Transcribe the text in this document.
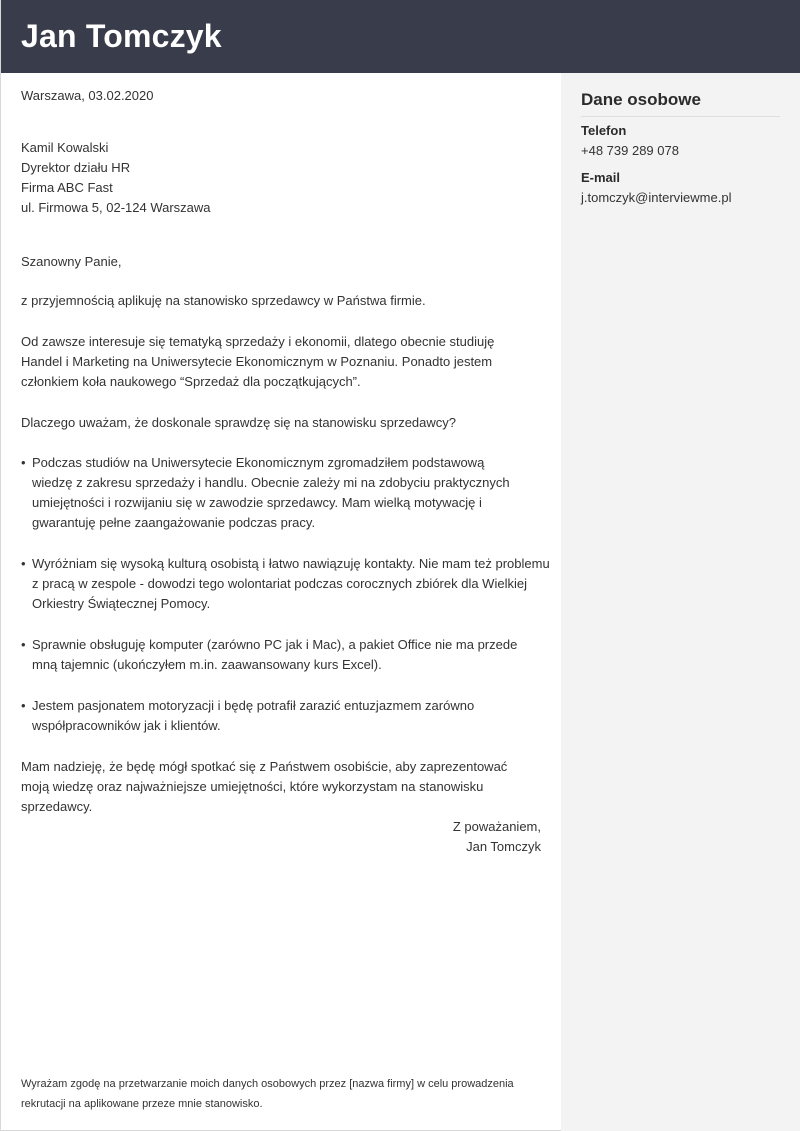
Jan Tomczyk
Dane osobowe
Telefon
+48 739 289 078
E-mail
j.tomczyk@interviewme.pl
Warszawa, 03.02.2020
Kamil Kowalski
Dyrektor działu HR
Firma ABC Fast
ul. Firmowa 5, 02-124 Warszawa
Szanowny Panie,
z przyjemnością aplikuję na stanowisko sprzedawcy w Państwa firmie.
Od zawsze interesuje się tematyką sprzedaży i ekonomii, dlatego obecnie studiuję Handel i Marketing na Uniwersytecie Ekonomicznym w Poznaniu. Ponadto jestem członkiem koła naukowego “Sprzedaż dla początkujących”.
Dlaczego uważam, że doskonale sprawdzę się na stanowisku sprzedawcy?
• Podczas studiów na Uniwersytecie Ekonomicznym zgromadziłem podstawową wiedzę z zakresu sprzedaży i handlu. Obecnie zależy mi na zdobyciu praktycznych umiejętności i rozwijaniu się w zawodzie sprzedawcy. Mam wielką motywację i gwarantuję pełne zaangażowanie podczas pracy.
• Wyróżniam się wysoką kulturą osobistą i łatwo nawiązuję kontakty. Nie mam też problemu z pracą w zespole - dowodzi tego wolontariat podczas corocznych zbiórek dla Wielkiej Orkiestry Świątecznej Pomocy.
• Sprawnie obsługuję komputer (zarówno PC jak i Mac), a pakiet Office nie ma przede mną tajemnic (ukończyłem m.in. zaawansowany kurs Excel).
• Jestem pasjonatem motoryzacji i będę potrafił zarazić entuzjazmem zarówno współpracowników jak i klientów.
Mam nadzieję, że będę mógł spotkać się z Państwem osobiście, aby zaprezentować moją wiedzę oraz najważniejsze umiejętności, które wykorzystam na stanowisku sprzedawcy.
Z poważaniem,
Jan Tomczyk
Wyrażam zgodę na przetwarzanie moich danych osobowych przez [nazwa firmy] w celu prowadzenia rekrutacji na aplikowane przeze mnie stanowisko.
